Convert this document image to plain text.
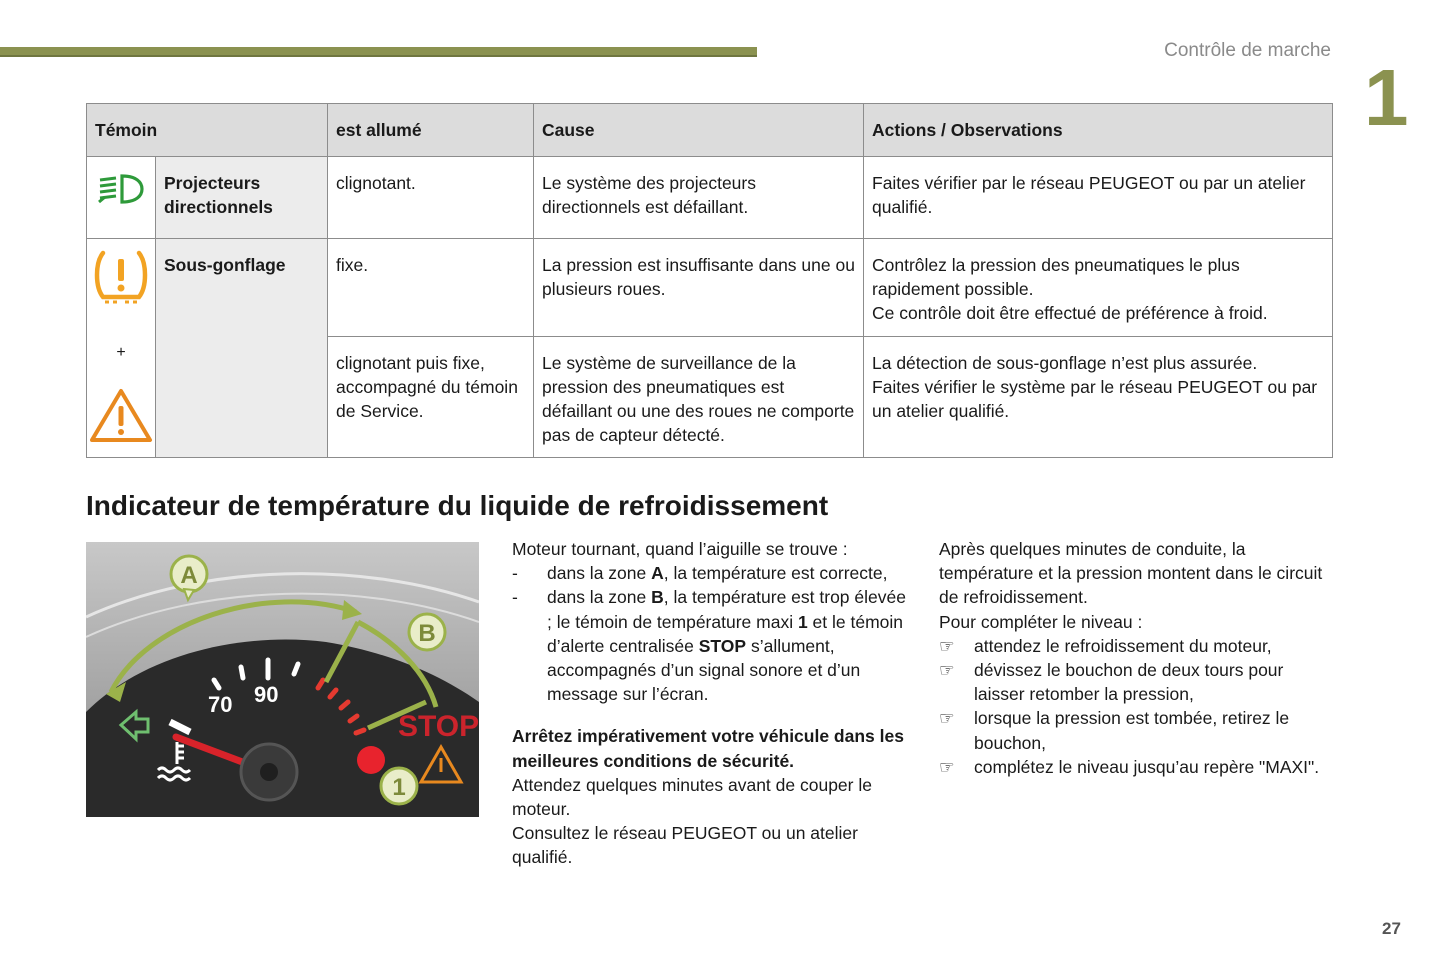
Contrôle de marche
1
Témoin		est allumé	Cause	Actions / Observations
	Projecteurs directionnels	clignotant.	Le système des projecteurs directionnels est défaillant.	Faites vérifier par le réseau PEUGEOT ou par un atelier qualifié.

+	Sous-gonflage	fixe.	La pression est insuffisante dans une ou plusieurs roues.	Contrôlez la pression des pneumatiques le plus rapidement possible.
Ce contrôle doit être effectué de préférence à froid.

		clignotant puis fixe, accompagné du témoin de Service.	Le système de surveillance de la pression des pneumatiques est défaillant ou une des roues ne comporte pas de capteur détecté.	La détection de sous-gonflage n’est plus assurée.
Faites vérifier le système par le réseau PEUGEOT ou par un atelier qualifié.
Indicateur de température du liquide de refroidissement
70 90
STOP
A
B
1

Moteur tournant, quand l’aiguille se trouve :

- dans la zone A, la température est correcte,
- dans la zone B, la température est trop élevée ; le témoin de température maxi 1 et le témoin d’alerte centralisée STOP s’allument, accompagnés d’un signal sonore et d’un message sur l’écran.

Arrêtez impérativement votre véhicule dans les meilleures conditions de sécurité.

Attendez quelques minutes avant de couper le moteur.

Consultez le réseau PEUGEOT ou un atelier qualifié.

Après quelques minutes de conduite, la température et la pression montent dans le circuit de refroidissement.

Pour compléter le niveau :

☞ attendez le refroidissement du moteur,
☞ dévissez le bouchon de deux tours pour laisser retomber la pression,
☞ lorsque la pression est tombée, retirez le bouchon,
☞ complétez le niveau jusqu’au repère "MAXI".
27
